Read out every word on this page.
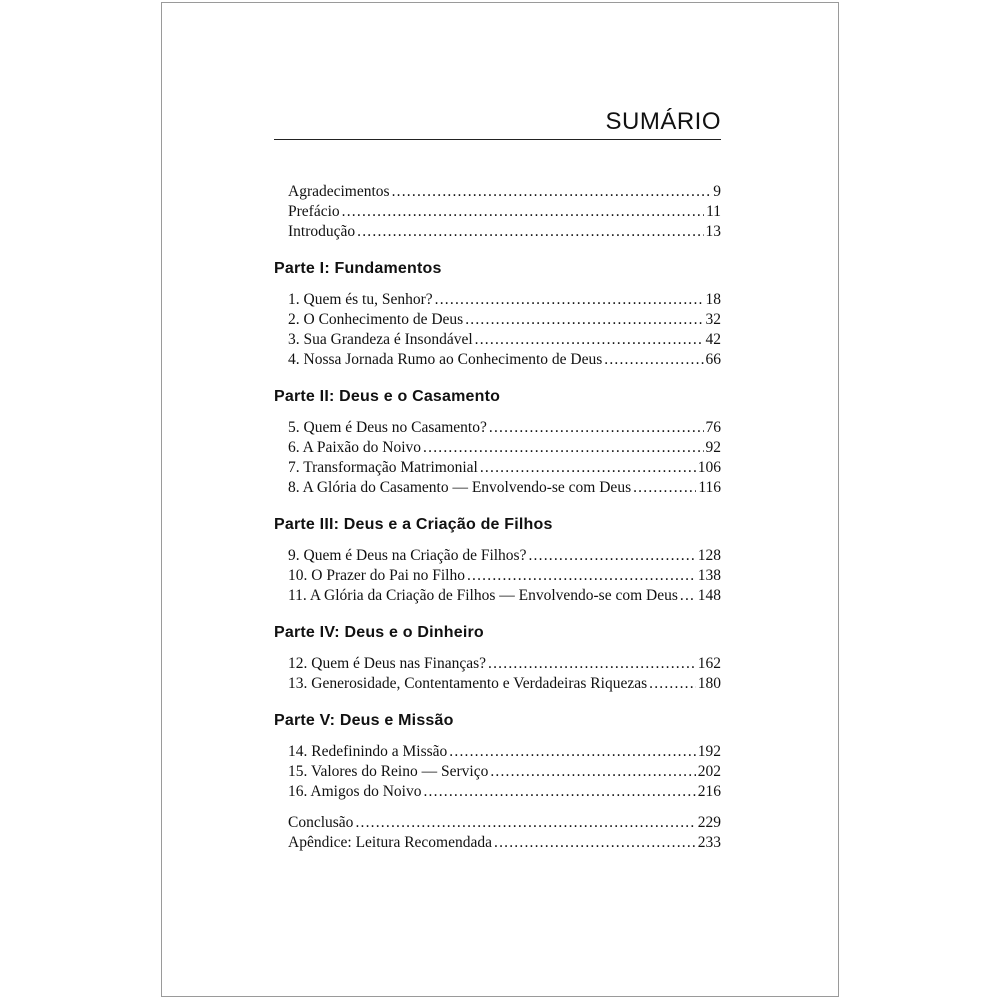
SUMÁRIO
Agradecimentos .....	9
Prefácio .....	11
Introdução .....	13
Parte I: Fundamentos
1. Quem és tu, Senhor? .....	18
2. O Conhecimento de Deus .....	32
3. Sua Grandeza é Insondável .....	42
4. Nossa Jornada Rumo ao Conhecimento de Deus .....	66
Parte II: Deus e o Casamento
5. Quem é Deus no Casamento? .....	76
6. A Paixão do Noivo .....	92
7. Transformação Matrimonial .....	106
8. A Glória do Casamento — Envolvendo-se com Deus .....	116
Parte III: Deus e a Criação de Filhos
9. Quem é Deus na Criação de Filhos? .....	128
10. O Prazer do Pai no Filho .....	138
11. A Glória da Criação de Filhos — Envolvendo-se com Deus ..... 148
Parte IV: Deus e o Dinheiro
12. Quem é Deus nas Finanças? .....	162
13. Generosidade, Contentamento e Verdadeiras Riquezas .....	180
Parte V: Deus e Missão
14. Redefinindo a Missão .....	192
15. Valores do Reino — Serviço .....	202
16. Amigos do Noivo .....	216
Conclusão .....	229
Apêndice: Leitura Recomendada .....	233
